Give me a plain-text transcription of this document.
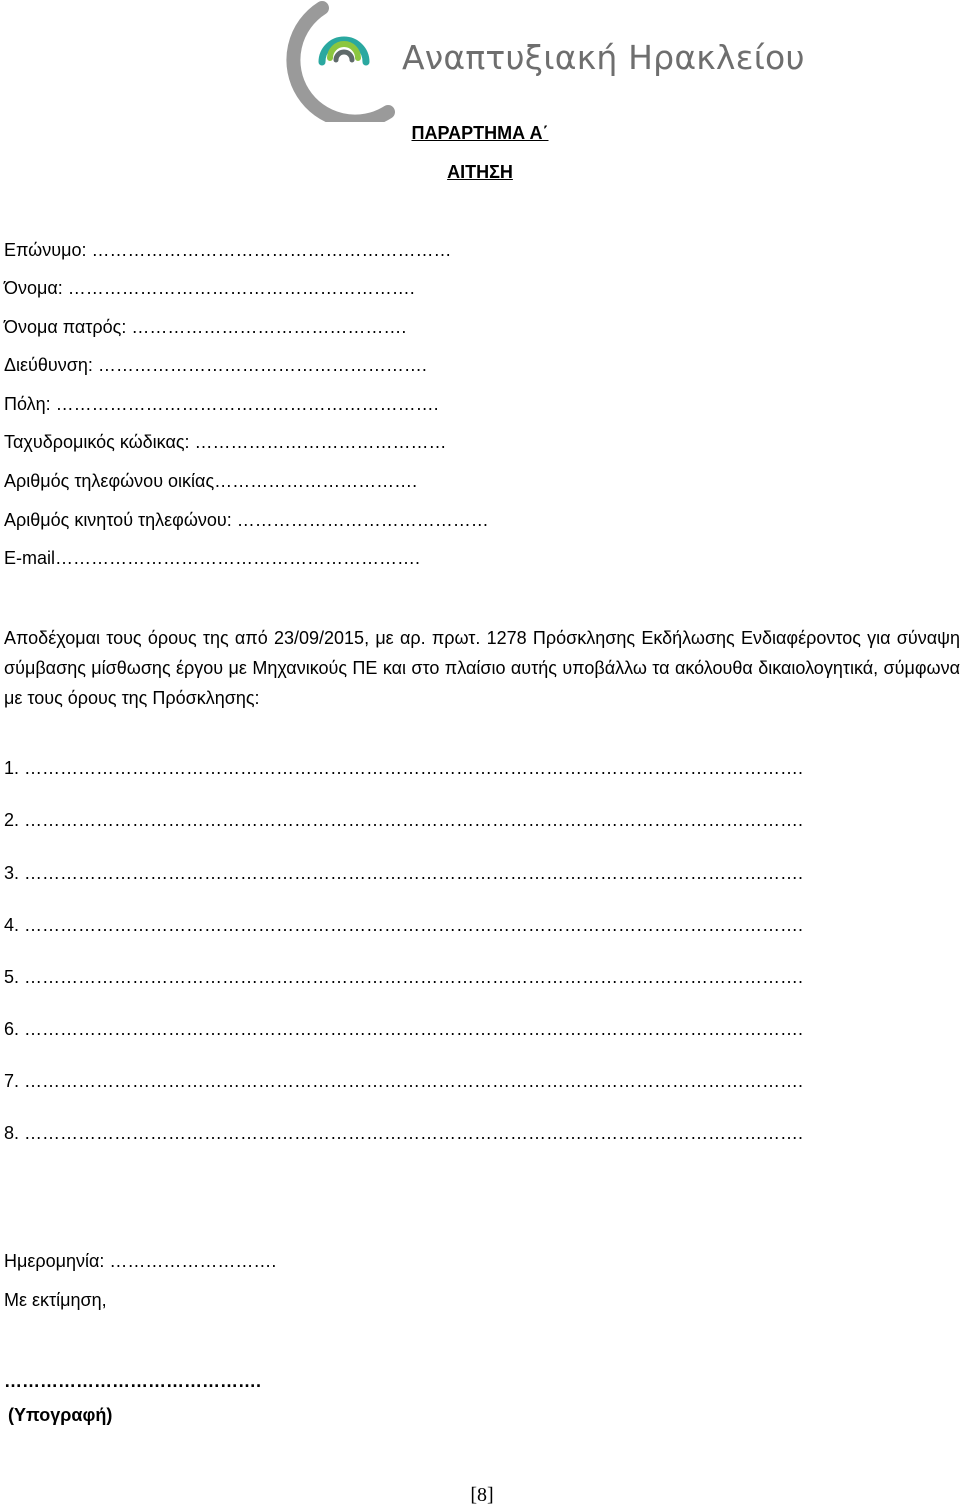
Αναπτυξιακή Ηρακλείου
ΠΑΡΑΡΤΗΜΑ Α΄
ΑΙΤΗΣΗ
Επώνυμο: ……………………………………………………
Όνομα: ………………………………………………….
Όνομα πατρός: ……………………………………….
Διεύθυνση: ……………………………………………….
Πόλη: ……………………………………………………….
Ταχυδρομικός κώδικας: ……………………………………
Αριθμός τηλεφώνου οικίας…………………………….
Αριθμός κινητού τηλεφώνου: ……………………………………
E-mail…………………………………………………….
Αποδέχομαι τους όρους της από 23/09/2015, με αρ. πρωτ. 1278 Πρόσκλησης Εκδήλωσης Ενδιαφέροντος για σύναψη σύμβασης μίσθωσης έργου με Μηχανικούς ΠΕ και στο πλαίσιο αυτής υποβάλλω τα ακόλουθα δικαιολογητικά, σύμφωνα με τους όρους της Πρόσκλησης:
1. ………………………………………………………………………………………………………………….
2. ………………………………………………………………………………………………………………….
3. ………………………………………………………………………………………………………………….
4. ………………………………………………………………………………………………………………….
5. ………………………………………………………………………………………………………………….
6. ………………………………………………………………………………………………………………….
7. ………………………………………………………………………………………………………………….
8. ………………………………………………………………………………………………………………….
Ημερομηνία: ……………………….
Με εκτίμηση,
…………………………………….
(Υπογραφή)
[8]
